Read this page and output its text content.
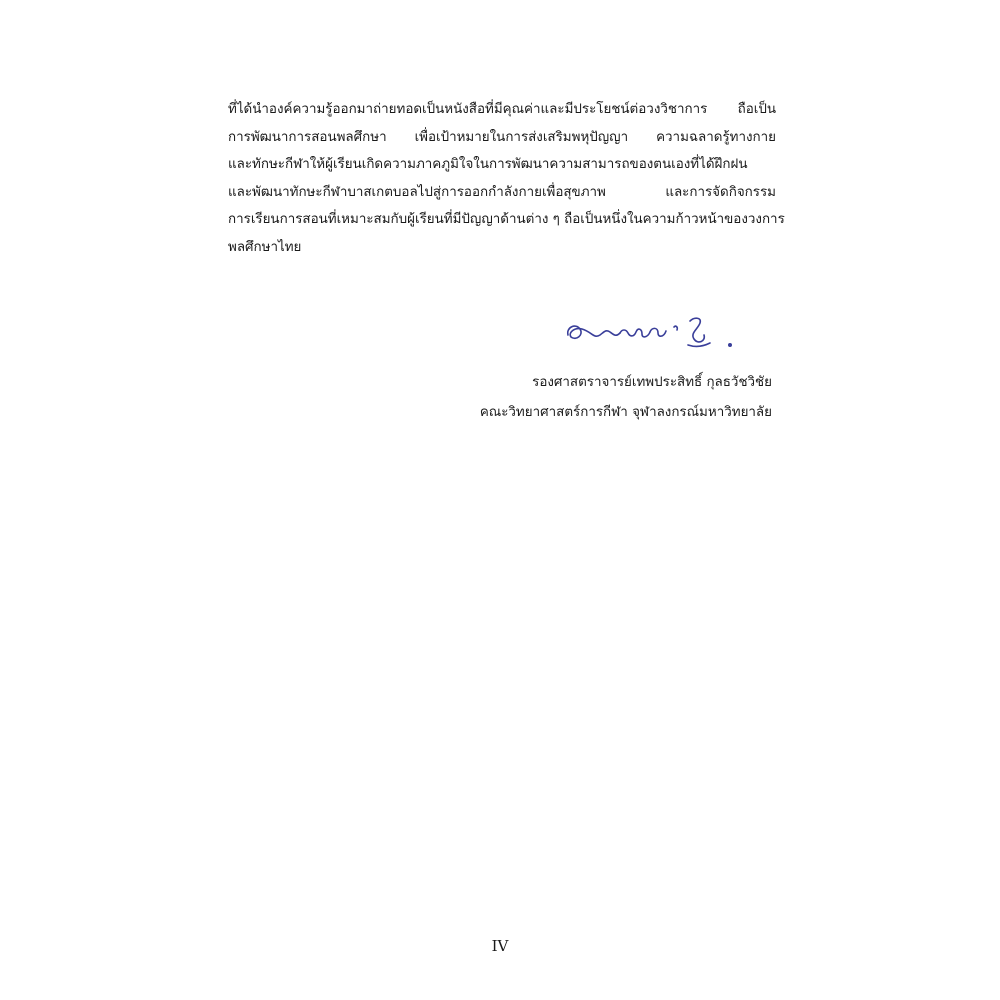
ที่ได้นำองค์ความรู้ออกมาถ่ายทอดเป็นหนังสือที่มีคุณค่าและมีประโยชน์ต่อวงวิชาการ ถือเป็น
การพัฒนาการสอนพลศึกษา เพื่อเป้าหมายในการส่งเสริมพหุปัญญา ความฉลาดรู้ทางกาย
และทักษะกีฬาให้ผู้เรียนเกิดความภาคภูมิใจในการพัฒนาความสามารถของตนเองที่ได้ฝึกฝน
และพัฒนาทักษะกีฬาบาสเกตบอลไปสู่การออกกำลังกายเพื่อสุขภาพ และการจัดกิจกรรม
การเรียนการสอนที่เหมาะสมกับผู้เรียนที่มีปัญญาด้านต่าง ๆ ถือเป็นหนึ่งในความก้าวหน้าของวงการ
พลศึกษาไทย
รองศาสตราจารย์เทพประสิทธิ์ กุลธวัชวิชัย
คณะวิทยาศาสตร์การกีฬา จุฬาลงกรณ์มหาวิทยาลัย
IV
